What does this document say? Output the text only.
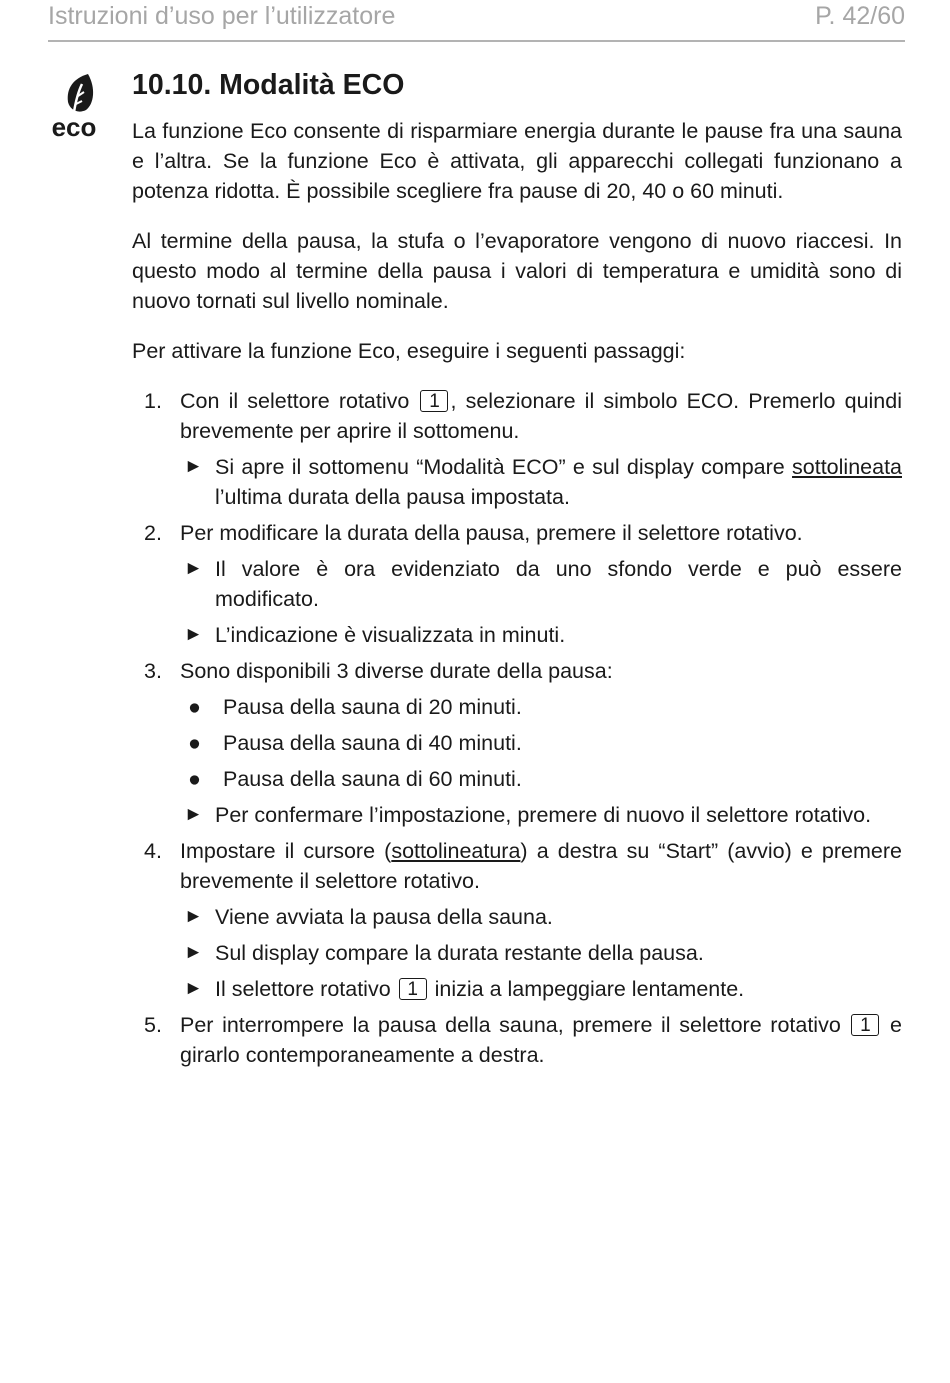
Istruzioni d’uso per l’utilizzatore	P. 42/60
eco
10.10. Modalità ECO

La funzione Eco consente di risparmiare energia durante le pause fra una sauna e l’altra. Se la funzione Eco è attivata, gli apparecchi collegati funzionano a potenza ridotta. È possibile scegliere fra pause di 20, 40 o 60 minuti.

Al termine della pausa, la stufa o l’evaporatore vengono di nuovo riaccesi. In questo modo al termine della pausa i valori di temperatura e umidità sono di nuovo tornati sul livello nominale.

Per attivare la funzione Eco, eseguire i seguenti passaggi:

1. Con il selettore rotativo 1 , selezionare il simbolo ECO. Premerlo quindi brevemente per aprire il sottomenu.
► Si apre il sottomenu “Modalità ECO” e sul display compare sottolineata l’ultima durata della pausa impostata.
2. Per modificare la durata della pausa, premere il selettore rotativo.
► Il valore è ora evidenziato da uno sfondo verde e può essere modificato.
► L’indicazione è visualizzata in minuti.
3. Sono disponibili 3 diverse durate della pausa:
● Pausa della sauna di 20 minuti.
● Pausa della sauna di 40 minuti.
● Pausa della sauna di 60 minuti.
► Per confermare l’impostazione, premere di nuovo il selettore rotativo.
4. Impostare il cursore (sottolineatura) a destra su “Start” (avvio) e premere brevemente il selettore rotativo.
► Viene avviata la pausa della sauna.
► Sul display compare la durata restante della pausa.
► Il selettore rotativo 1 inizia a lampeggiare lentamente.
5. Per interrompere la pausa della sauna, premere il selettore rotativo 1 e girarlo contemporaneamente a destra.
